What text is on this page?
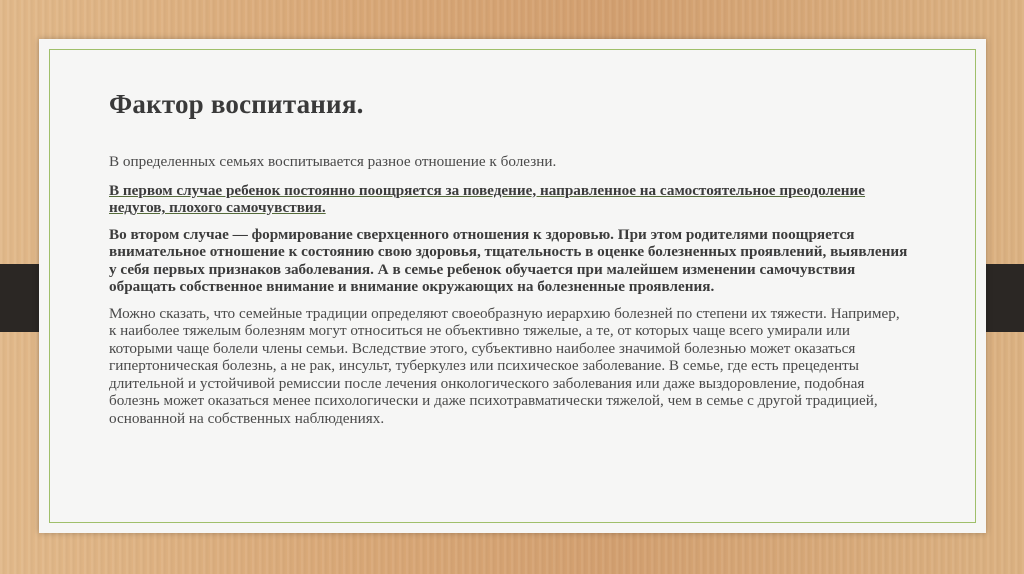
Фактор воспитания.

В определенных семьях воспитывается разное отношение к болезни.

В первом случае ребенок постоянно поощряется за поведение, направленное на самостоятельное преодоление недугов, плохого самочувствия.

Во втором случае — формирование сверхценного отношения к здоровью. При этом родителями поощряется внимательное отношение к состоянию свою здоровья, тщательность в оценке болезненных проявлений, выявления у себя первых признаков заболевания. А в семье ребенок обучается при малейшем изменении самочувствия обращать собственное внимание и внимание окружающих на болезненные проявления.

Можно сказать, что семейные традиции определяют своеобразную иерархию болезней по степени их тяжести. Например, к наиболее тяжелым болезням могут относиться не объективно тяжелые, а те, от которых чаще всего умирали или которыми чаще болели члены семьи. Вследствие этого, субъективно наиболее значимой болезнью может оказаться гипертоническая болезнь, а не рак, инсульт, туберкулез или психическое заболевание. В семье, где есть прецеденты длительной и устойчивой ремиссии после лечения онкологического заболевания или даже выздоровление, подобная болезнь может оказаться менее психологически и даже психотравматически тяжелой, чем в семье с другой традицией, основанной на собственных наблюдениях.
